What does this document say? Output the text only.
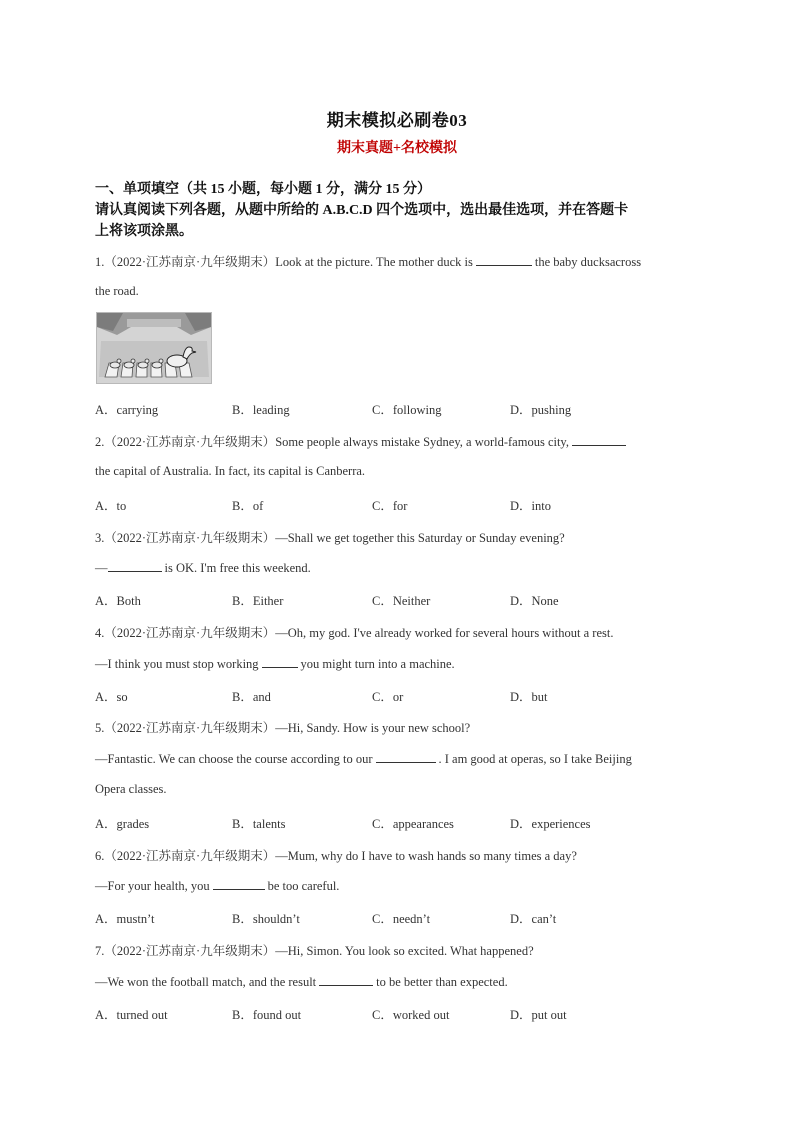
期末模拟必刷卷03
期末真题+名校模拟
一、单项填空（共 15 小题，每小题 1 分，满分 15 分）
请认真阅读下列各题，从题中所给的 A.B.C.D 四个选项中，选出最佳选项，并在答题卡
上将该项涂黑。
1.（2022·江苏南京·九年级期末）Look at the picture. The mother duck is	the baby ducksacross
the road.
A．carrying	B．leading	C．following	D．pushing
2.（2022·江苏南京·九年级期末）Some people always mistake Sydney, a world-famous city,
the capital of Australia. In fact, its capital is Canberra.
A．to	B．of	C．for	D．into
3.（2022·江苏南京·九年级期末）—Shall we get together this Saturday or Sunday evening?
—	is OK. I'm free this weekend.
A．Both	B．Either	C．Neither	D．None
4.（2022·江苏南京·九年级期末）—Oh, my god. I've already worked for several hours without a rest.
—I think you must stop working	you might turn into a machine.
A．so	B．and	C．or	D．but
5.（2022·江苏南京·九年级期末）—Hi, Sandy. How is your new school?
—Fantastic. We can choose the course according to our	. I am good at operas, so I take Beijing
Opera classes.
A．grades	B．talents	C．appearances	D．experiences
6.（2022·江苏南京·九年级期末）—Mum, why do I have to wash hands so many times a day?
—For your health, you	be too careful.
A．mustn’t	B．shouldn’t	C．needn’t	D．can’t
7.（2022·江苏南京·九年级期末）—Hi, Simon. You look so excited. What happened?
—We won the football match, and the result	to be better than expected.
A．turned out	B．found out	C．worked out	D．put out
